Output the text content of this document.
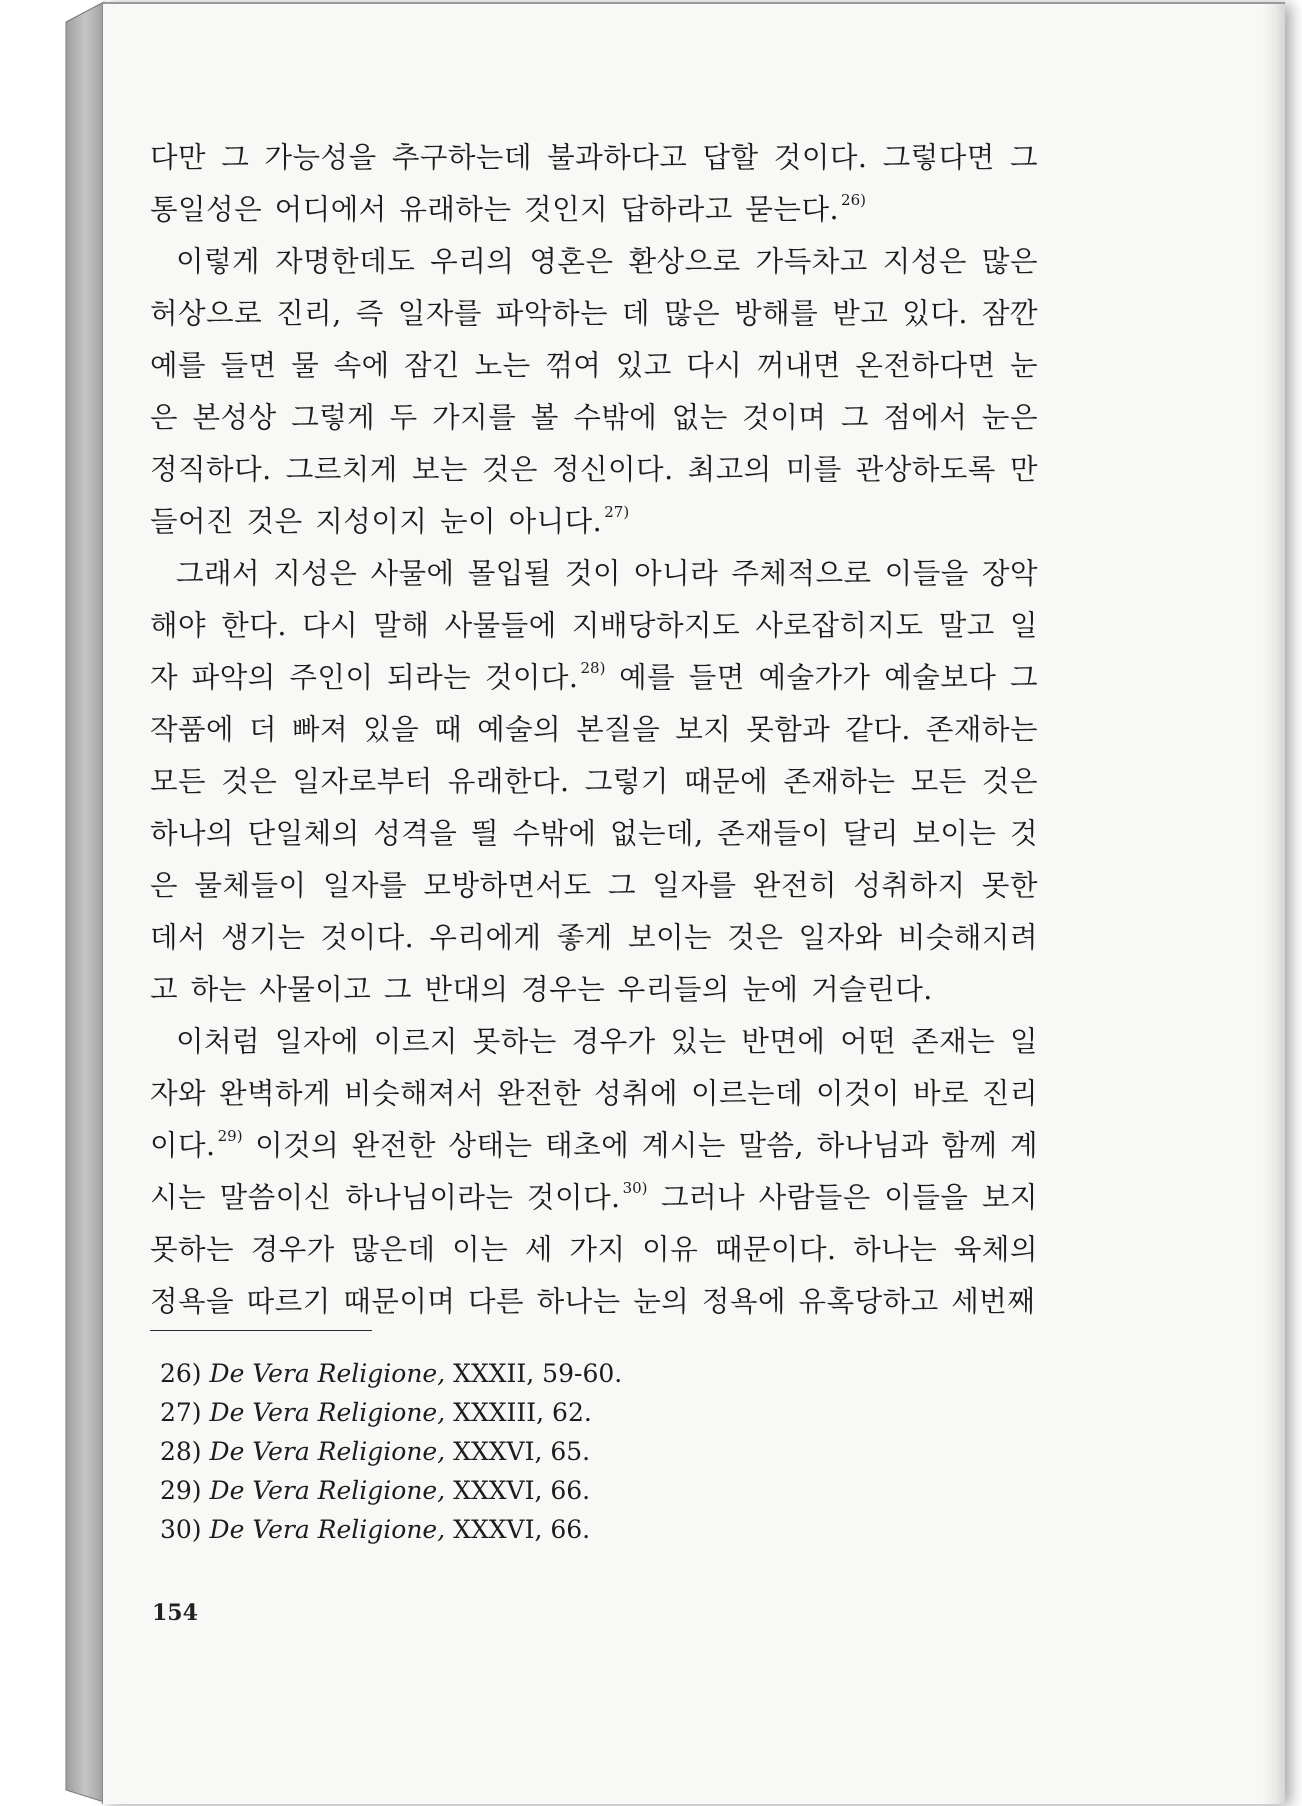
다만 그 가능성을 추구하는데 불과하다고 답할 것이다. 그렇다면 그 통일성은 어디에서 유래하는 것인지 답하라고 묻는다. $^{26)}$

이렇게 자명한데도 우리의 영혼은 환상으로 가득차고 지성은 많은 허상으로 진리, 즉 일자를 파악하는 데 많은 방해를 받고 있다. 잠깐 예를 들면 물 속에 잠긴 노는 꺾여 있고 다시 꺼내면 온전하다면 눈은 본성상 그렇게 두 가지를 볼 수밖에 없는 것이며 그 점에서 눈은 정직하다. 그르치게 보는 것은 정신이다. 최고의 미를 관상하도록 만들어진 것은 지성이지 눈이 아니다. $^{27)}$

그래서 지성은 사물에 몰입될 것이 아니라 주체적으로 이들을 장악해야 한다. 다시 말해 사물들에 지배당하지도 사로잡히지도 말고 일자 파악의 주인이 되라는 것이다. $^{28)}$ 예를 들면 예술가가 예술보다 그 작품에 더 빠져 있을 때 예술의 본질을 보지 못함과 같다. 존재하는 모든 것은 일자로부터 유래한다. 그렇기 때문에 존재하는 모든 것은 하나의 단일체의 성격을 띌 수밖에 없는데, 존재들이 달리 보이는 것은 물체들이 일자를 모방하면서도 그 일자를 완전히 성취하지 못한 데서 생기는 것이다. 우리에게 좋게 보이는 것은 일자와 비슷해지려고 하는 사물이고 그 반대의 경우는 우리들의 눈에 거슬린다.

이처럼 일자에 이르지 못하는 경우가 있는 반면에 어떤 존재는 일자와 완벽하게 비슷해져서 완전한 성취에 이르는데 이것이 바로 진리이다. $^{29)}$ 이것의 완전한 상태는 태초에 계시는 말씀, 하나님과 함께 계시는 말씀이신 하나님이라는 것이다. $^{30)}$ 그러나 사람들은 이들을 보지 못하는 경우가 많은데 이는 세 가지 이유 때문이다. 하나는 육체의 정욕을 따르기 때문이며 다른 하나는 눈의 정욕에 유혹당하고 세번째

26) De Vera Religione, XXXII, 59-60.
27) De Vera Religione, XXXIII, 62.
28) De Vera Religione, XXXVI, 65.
29) De Vera Religione, XXXVI, 66.
30) De Vera Religione, XXXVI, 66.
154
